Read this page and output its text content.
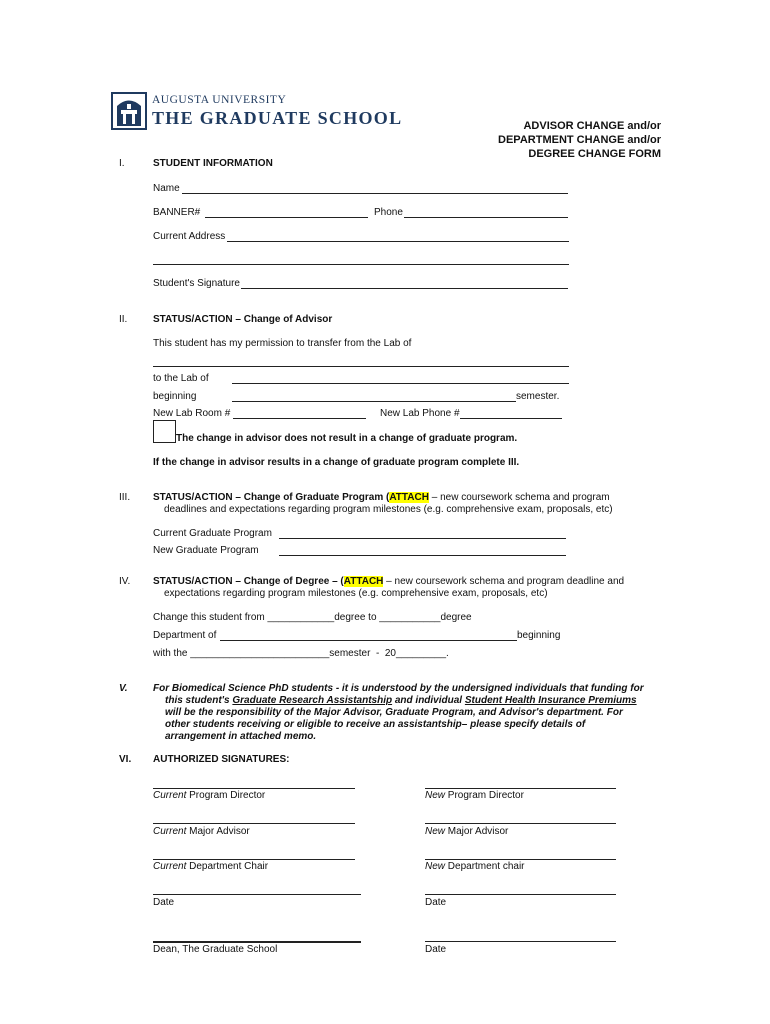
AUGUSTA UNIVERSITY
THE GRADUATE SCHOOL	ADVISOR CHANGE and/or
DEPARTMENT CHANGE and/or
DEGREE CHANGE FORM
I.	STUDENT INFORMATION
Name
BANNER#	Phone
Current Address
Student's Signature
II.	STATUS/ACTION – Change of Advisor
This student has my permission to transfer from the Lab of
to the Lab of
beginning	semester.
New Lab Room #	New Lab Phone #
The change in advisor does not result in a change of graduate program.
If the change in advisor results in a change of graduate program complete III.
III. STATUS/ACTION – Change of Graduate Program (ATTACH – new coursework schema and program
deadlines and expectations regarding program milestones (e.g. comprehensive exam, proposals, etc)
Current Graduate Program
New Graduate Program
IV. STATUS/ACTION – Change of Degree – (ATTACH – new coursework schema and program deadline and
expectations regarding program milestones (e.g. comprehensive exam, proposals, etc)
Change this student from ____________degree to ___________degree
Department of	beginning
with the _________________________semester  -  20_________.
V.	For Biomedical Science PhD students - it is understood by the undersigned individuals that funding for
this student's Graduate Research Assistantship and individual Student Health Insurance Premiums
will be the responsibility of the Major Advisor, Graduate Program, and Advisor's department. For
other students receiving or eligible to receive an assistantship– please specify details of
arrangement in attached memo.
VI. AUTHORIZED SIGNATURES:
Current Program Director	New Program Director
Current Major Advisor	New Major Advisor
Current Department Chair	New Department chair
Date	Date
Dean, The Graduate School	Date
